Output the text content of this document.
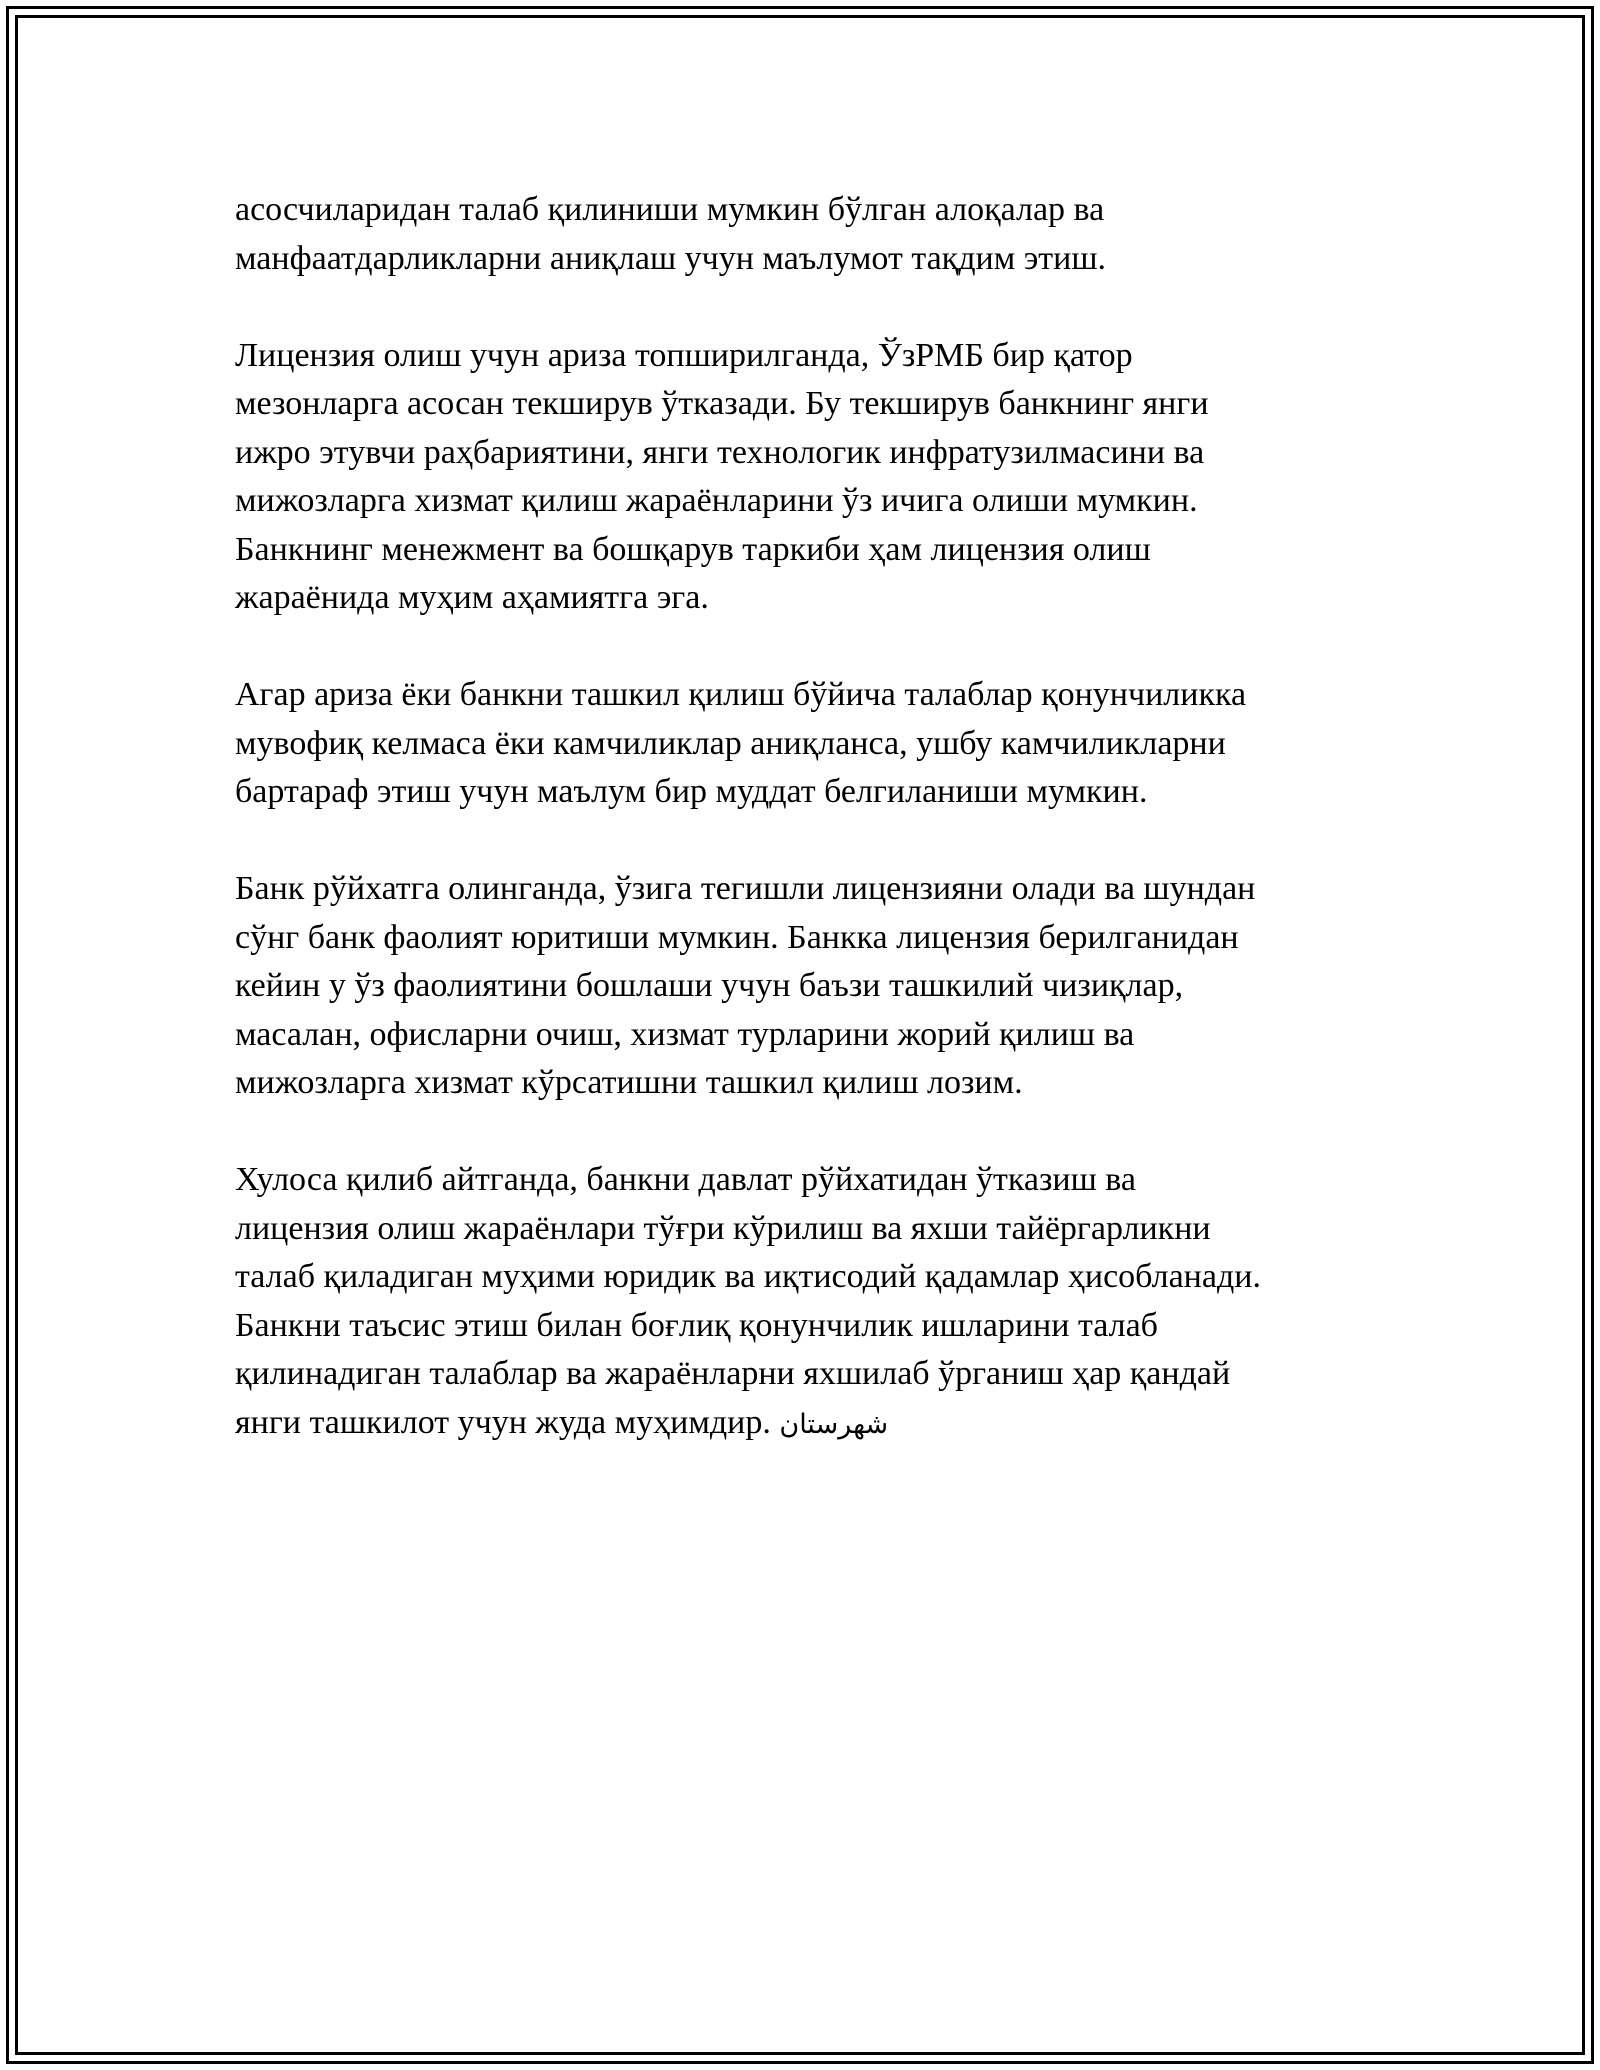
асосчиларидан талаб қилиниши мумкин бўлган алоқалар ва
манфаатдарликларни аниқлаш учун маълумот тақдим этиш.

Лицензия олиш учун ариза топширилганда, ЎзРМБ бир қатор
мезонларга асосан текширув ўтказади. Бу текширув банкнинг янги
ижро этувчи раҳбариятини, янги технологик инфратузилмасини ва
мижозларга хизмат қилиш жараёнларини ўз ичига олиши мумкин.
Банкнинг менежмент ва бошқарув таркиби ҳам лицензия олиш
жараёнида муҳим аҳамиятга эга.

Агар ариза ёки банкни ташкил қилиш бўйича талаблар қонунчиликка
мувофиқ келмаса ёки камчиликлар аниқланса, ушбу камчиликларни
бартараф этиш учун маълум бир муддат белгиланиши мумкин.

Банк рўйхатга олинганда, ўзига тегишли лицензияни олади ва шундан
сўнг банк фаолият юритиши мумкин. Банкка лицензия берилганидан
кейин у ўз фаолиятини бошлаши учун баъзи ташкилий чизиқлар,
масалан, офисларни очиш, хизмат турларини жорий қилиш ва
мижозларга хизмат кўрсатишни ташкил қилиш лозим.

Хулоса қилиб айтганда, банкни давлат рўйхатидан ўтказиш ва
лицензия олиш жараёнлари тўғри кўрилиш ва яхши тайёргарликни
талаб қиладиган муҳими юридик ва иқтисодий қадамлар ҳисобланади.
Банкни таъсис этиш билан боғлиқ қонунчилик ишларини талаб
қилинадиган талаблар ва жараёнларни яхшилаб ўрганиш ҳар қандай
янги ташкилот учун жуда муҳимдир. شهرستان
